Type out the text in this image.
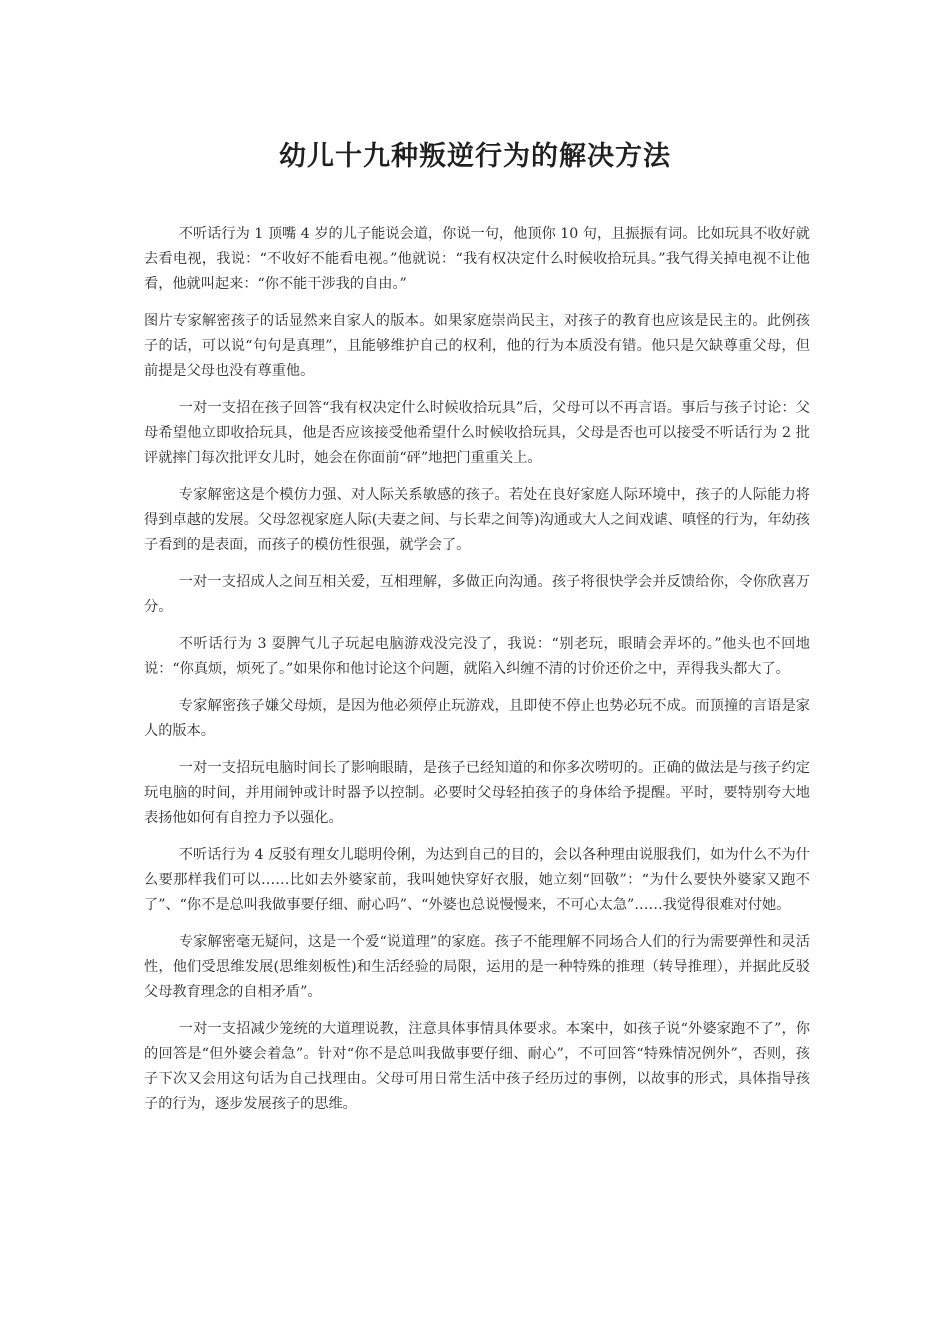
幼儿十九种叛逆行为的解决方法

不听话行为 1 顶嘴 4 岁的儿子能说会道，你说一句，他顶你 10 句，且振振有词。比如玩具不收好就去看电视，我说：“不收好不能看电视。”他就说：“我有权决定什么时候收拾玩具。”我气得关掉电视不让他看，他就叫起来：“你不能干涉我的自由。”

图片专家解密孩子的话显然来自家人的版本。如果家庭崇尚民主，对孩子的教育也应该是民主的。此例孩子的话，可以说“句句是真理”，且能够维护自己的权利，他的行为本质没有错。他只是欠缺尊重父母，但前提是父母也没有尊重他。

一对一支招在孩子回答“我有权决定什么时候收拾玩具”后，父母可以不再言语。事后与孩子讨论：父母希望他立即收拾玩具，他是否应该接受他希望什么时候收拾玩具，父母是否也可以接受不听话行为 2 批评就摔门每次批评女儿时，她会在你面前“砰”地把门重重关上。

专家解密这是个模仿力强、对人际关系敏感的孩子。若处在良好家庭人际环境中，孩子的人际能力将得到卓越的发展。父母忽视家庭人际(夫妻之间、与长辈之间等)沟通或大人之间戏谑、嗔怪的行为，年幼孩子看到的是表面，而孩子的模仿性很强，就学会了。

一对一支招成人之间互相关爱，互相理解，多做正向沟通。孩子将很快学会并反馈给你，令你欣喜万分。

不听话行为 3 耍脾气儿子玩起电脑游戏没完没了，我说：“别老玩，眼睛会弄坏的。”他头也不回地说：“你真烦，烦死了。”如果你和他讨论这个问题，就陷入纠缠不清的讨价还价之中，弄得我头都大了。

专家解密孩子嫌父母烦，是因为他必须停止玩游戏，且即使不停止也势必玩不成。而顶撞的言语是家人的版本。

一对一支招玩电脑时间长了影响眼睛，是孩子已经知道的和你多次唠叨的。正确的做法是与孩子约定玩电脑的时间，并用闹钟或计时器予以控制。必要时父母轻拍孩子的身体给予提醒。平时，要特别夸大地表扬他如何有自控力予以强化。

不听话行为 4 反驳有理女儿聪明伶俐，为达到自己的目的，会以各种理由说服我们，如为什么不为什么要那样我们可以……比如去外婆家前，我叫她快穿好衣服，她立刻“回敬”：“为什么要快外婆家又跑不了”、“你不是总叫我做事要仔细、耐心吗”、“外婆也总说慢慢来，不可心太急”……我觉得很难对付她。

专家解密毫无疑问，这是一个爱“说道理”的家庭。孩子不能理解不同场合人们的行为需要弹性和灵活性，他们受思维发展(思维刻板性)和生活经验的局限，运用的是一种特殊的推理（转导推理），并据此反驳父母教育理念的自相矛盾”。

一对一支招减少笼统的大道理说教，注意具体事情具体要求。本案中，如孩子说“外婆家跑不了”，你的回答是“但外婆会着急”。针对“你不是总叫我做事要仔细、耐心”，不可回答“特殊情况例外”，否则，孩子下次又会用这句话为自己找理由。父母可用日常生活中孩子经历过的事例，以故事的形式，具体指导孩子的行为，逐步发展孩子的思维。
